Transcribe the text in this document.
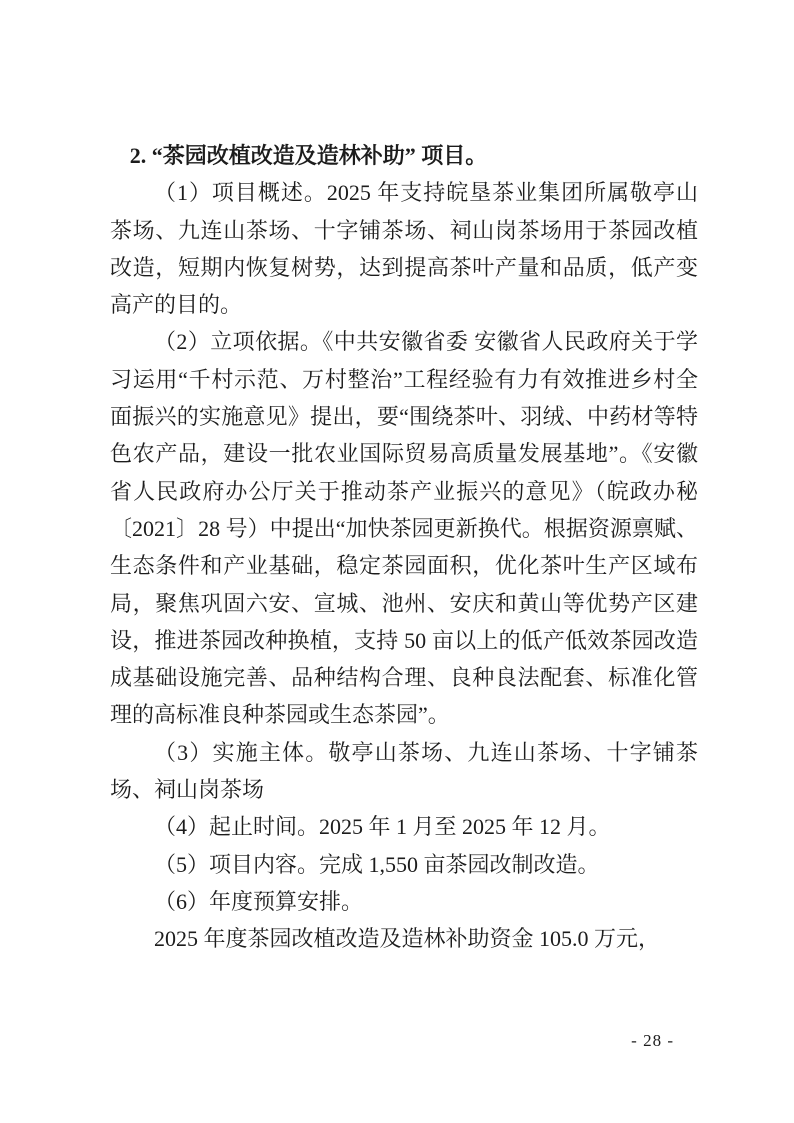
2. “茶园改植改造及造林补助” 项目。

（1）项目概述。2025 年支持皖垦茶业集团所属敬亭山茶场、九连山茶场、十字铺茶场、祠山岗茶场用于茶园改植改造，短期内恢复树势，达到提高茶叶产量和品质，低产变高产的目的。

（2）立项依据。《中共安徽省委 安徽省人民政府关于学习运用“千村示范、万村整治”工程经验有力有效推进乡村全面振兴的实施意见》提出，要“围绕茶叶、羽绒、中药材等特色农产品，建设一批农业国际贸易高质量发展基地”。《安徽省人民政府办公厅关于推动茶产业振兴的意见》（皖政办秘〔2021〕28 号）中提出“加快茶园更新换代。根据资源禀赋、生态条件和产业基础，稳定茶园面积，优化茶叶生产区域布局，聚焦巩固六安、宣城、池州、安庆和黄山等优势产区建设，推进茶园改种换植，支持 50 亩以上的低产低效茶园改造成基础设施完善、品种结构合理、良种良法配套、标准化管理的高标准良种茶园或生态茶园”。

（3）实施主体。敬亭山茶场、九连山茶场、十字铺茶场、祠山岗茶场

（4）起止时间。2025 年 1 月至 2025 年 12 月。

（5）项目内容。完成 1,550 亩茶园改制改造。

（6）年度预算安排。

2025 年度茶园改植改造及造林补助资金 105.0 万元，

- 28 -
